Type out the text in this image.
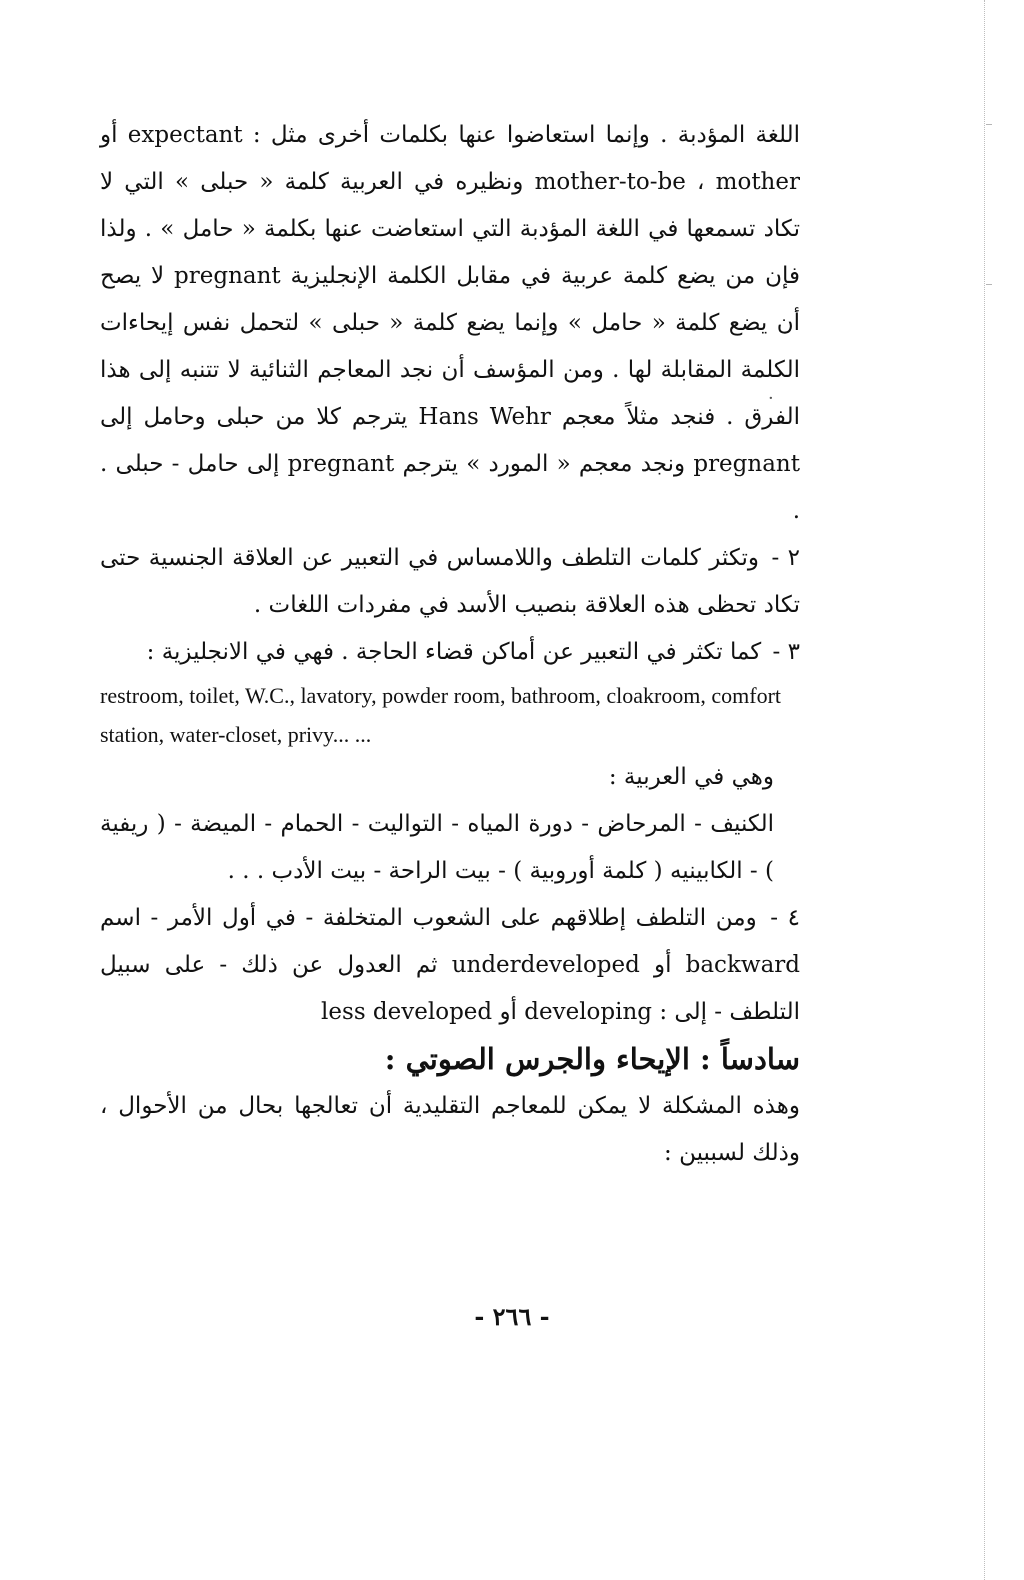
·

اللغة المؤدبة . وإنما استعاضوا عنها بكلمات أخرى مثل : expectant أو mother-to-be ، mother ونظيره في العربية كلمة « حبلى » التي لا تكاد تسمعها في اللغة المؤدبة التي استعاضت عنها بكلمة « حامل » . ولذا فإن من يضع كلمة عربية في مقابل الكلمة الإنجليزية pregnant لا يصح أن يضع كلمة « حامل » وإنما يضع كلمة « حبلى » لتحمل نفس إيحاءات الكلمة المقابلة لها . ومن المؤسف أن نجد المعاجم الثنائية لا تتنبه إلى هذا الفرق . فنجد مثلاً معجم Hans Wehr يترجم كلا من حبلى وحامل إلى pregnant ونجد معجم « المورد » يترجم pregnant إلى حامل - حبلى . .

٢ - وتكثر كلمات التلطف واللامساس في التعبير عن العلاقة الجنسية حتى تكاد تحظى هذه العلاقة بنصيب الأسد في مفردات اللغات .

٣ - كما تكثر في التعبير عن أماكن قضاء الحاجة . فهي في الانجليزية :

restroom, toilet, W.C., lavatory, powder room, bathroom, cloakroom, comfort station, water-closet, privy... ...

وهي في العربية :

الكنيف - المرحاض - دورة المياه - التواليت - الحمام - الميضة - ( ريفية ) - الكابينيه ( كلمة أوروبية ) - بيت الراحة - بيت الأدب . . .

٤ - ومن التلطف إطلاقهم على الشعوب المتخلفة - في أول الأمر - اسم backward أو underdeveloped ثم العدول عن ذلك - على سبيل التلطف - إلى : developing أو less developed

سادساً : الإيحاء والجرس الصوتي :

وهذه المشكلة لا يمكن للمعاجم التقليدية أن تعالجها بحال من الأحوال ، وذلك لسببين :

- ٢٦٦ -
